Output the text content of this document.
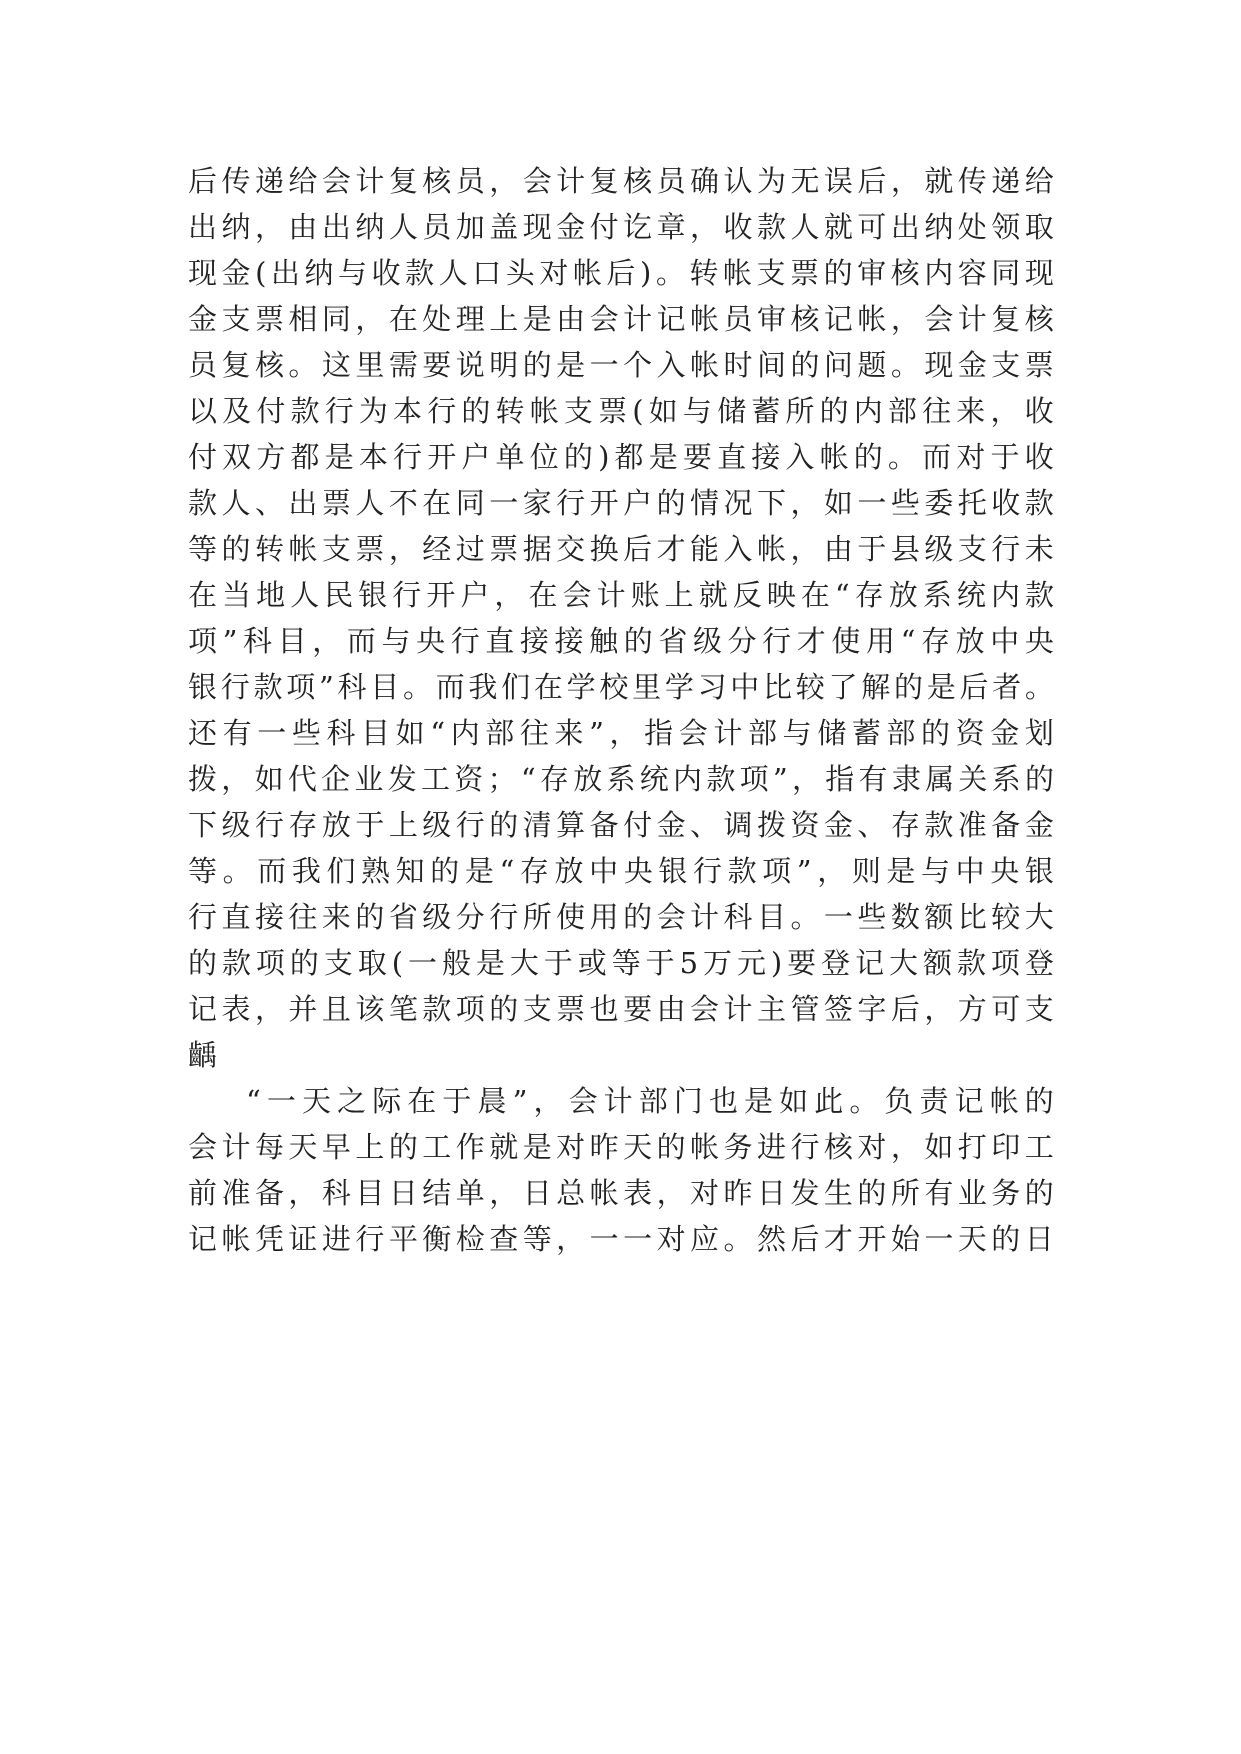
后 传 递 给 会 计 复 核 员 ， 会 计 复 核 员 确 认 为 无 误 后 ， 就 传 递 给
出 纳 ， 由 出 纳 人 员 加 盖 现 金 付 讫 章 ， 收 款 人 就 可 出 纳 处 领 取
现 金 ( 出 纳 与 收 款 人 口 头 对 帐 后 ) 。 转 帐 支 票 的 审 核 内 容 同 现
金 支 票 相 同 ， 在 处 理 上 是 由 会 计 记 帐 员 审 核 记 帐 ， 会 计 复 核
员 复 核 。 这 里 需 要 说 明 的 是 一 个 入 帐 时 间 的 问 题 。 现 金 支 票
以 及 付 款 行 为 本 行 的 转 帐 支 票 ( 如 与 储 蓄 所 的 内 部 往 来 ， 收
付 双 方 都 是 本 行 开 户 单 位 的 ) 都 是 要 直 接 入 帐 的 。 而 对 于 收
款 人 、 出 票 人 不 在 同 一 家 行 开 户 的 情 况 下 ， 如 一 些 委 托 收 款
等 的 转 帐 支 票 ， 经 过 票 据 交 换 后 才 能 入 帐 ， 由 于 县 级 支 行 未
在 当 地 人 民 银 行 开 户 ， 在 会 计 账 上 就 反 映 在 “ 存 放 系 统 内 款
项 ” 科 目 ， 而 与 央 行 直 接 接 触 的 省 级 分 行 才 使 用 “ 存 放 中 央
银 行 款 项 ” 科 目 。 而 我 们 在 学 校 里 学 习 中 比 较 了 解 的 是 后 者 。
还 有 一 些 科 目 如 “ 内 部 往 来 ” ， 指 会 计 部 与 储 蓄 部 的 资 金 划
拨 ， 如 代 企 业 发 工 资 ； “ 存 放 系 统 内 款 项 ” ， 指 有 隶 属 关 系 的
下 级 行 存 放 于 上 级 行 的 清 算 备 付 金 、 调 拨 资 金 、 存 款 准 备 金
等 。 而 我 们 熟 知 的 是 “ 存 放 中 央 银 行 款 项 ” ， 则 是 与 中 央 银
行 直 接 往 来 的 省 级 分 行 所 使 用 的 会 计 科 目 。 一 些 数 额 比 较 大
的 款 项 的 支 取 ( 一 般 是 大 于 或 等 于 5 万 元 ) 要 登 记 大 额 款 项 登
记 表 ， 并 且 该 笔 款 项 的 支 票 也 要 由 会 计 主 管 签 字 后 ， 方 可 支
齲
“ 一 天 之 际 在 于 晨 ” ， 会 计 部 门 也 是 如 此 。 负 责 记 帐 的
会 计 每 天 早 上 的 工 作 就 是 对 昨 天 的 帐 务 进 行 核 对 ， 如 打 印 工
前 准 备 ， 科 目 日 结 单 ， 日 总 帐 表 ， 对 昨 日 发 生 的 所 有 业 务 的
记 帐 凭 证 进 行 平 衡 检 查 等 ， 一 一 对 应 。 然 后 才 开 始 一 天 的 日
